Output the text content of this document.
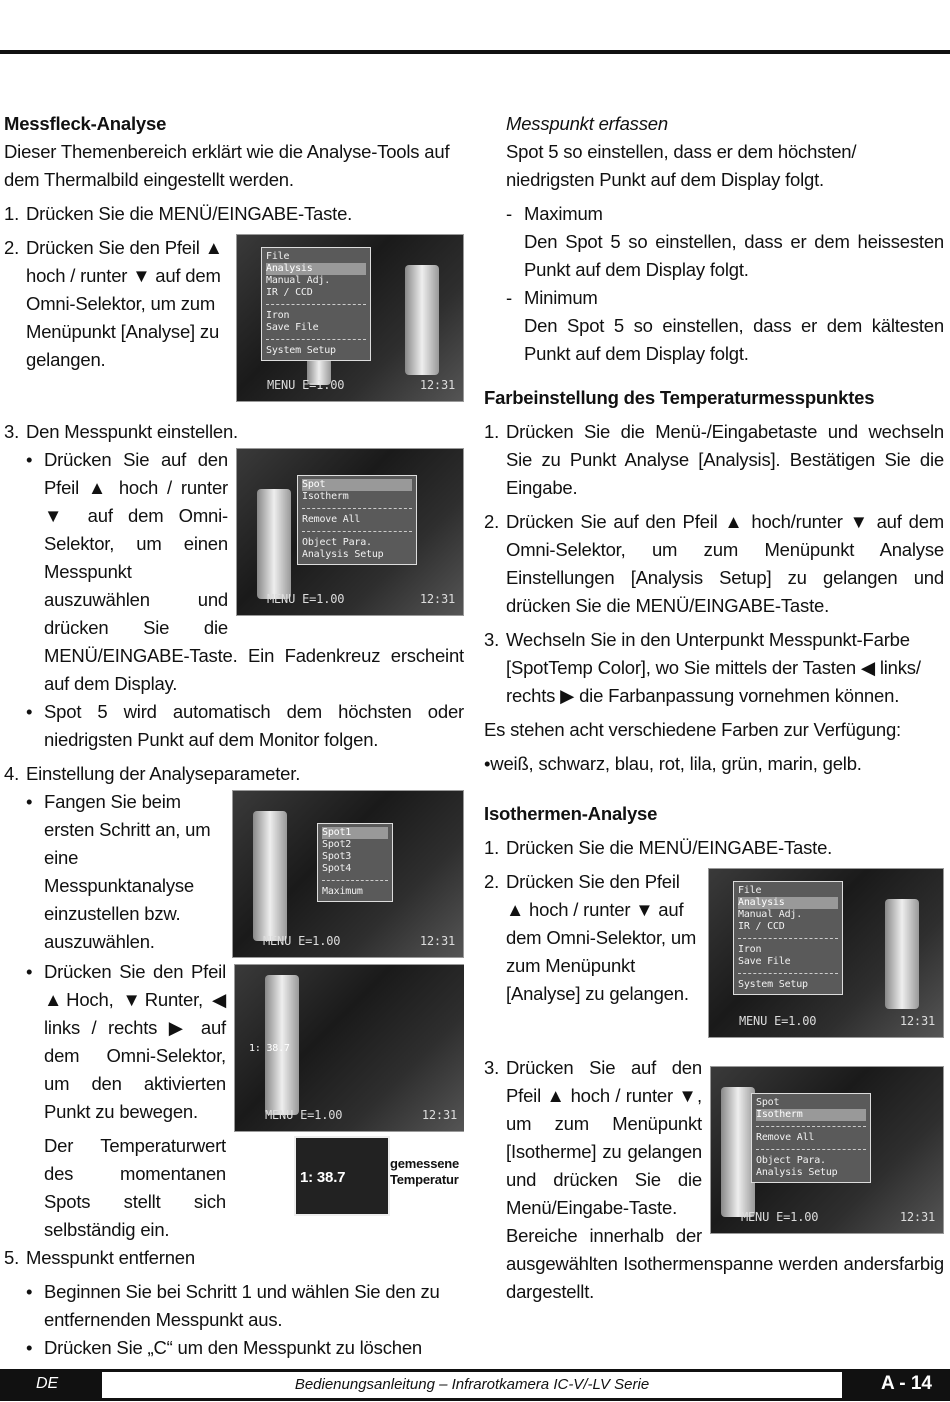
Messfleck-Analyse

Dieser Themenbereich erklärt wie die Analyse-Tools auf dem Thermalbild eingestellt werden.

1. Drücken Sie die MENÜ/EINGABE-Taste.
2.	File
Analysis
Manual Adj.
IR / CCD
Iron
Save File
System Setup
MENU E=1.00	12:31
Drücken Sie den Pfeil ▲ hoch / runter ▼ auf dem Omni-Selektor, um zum Menüpunkt [Analyse] zu gelangen.
3. Den Messpunkt einstellen.
•
Spot
Isotherm
Remove All
Object Para.
Analysis Setup
MENU E=1.00	12:31
Drücken Sie auf den Pfeil ▲ hoch / runter ▼ auf dem Omni-Selektor, um einen Messpunkt auszuwählen und drücken Sie die MENÜ/EINGABE-Taste. Ein Fadenkreuz erscheint auf dem Display.
• Spot 5 wird automatisch dem höchsten oder niedrigsten Punkt auf dem Monitor folgen.
4. Einstellung der Analyseparameter.
•
Spot1
Spot2
Spot3
Spot4
Maximum
MENU E=1.00	12:31
Fangen Sie beim ersten Schritt an, um eine Messpunktanalyse einzustellen bzw. auszuwählen.
•
1: 38.7
MENU E=1.00	12:31
1: 38.7
gemessene Temperatur
Drücken Sie den Pfeil ▲Hoch, ▼Runter, ◀ links / rechts ▶ auf dem Omni-Selektor, um den aktivierten Punkt zu bewegen.
Der Temperaturwert des momentanen Spots stellt sich selbständig ein.
5. Messpunkt entfernen
• Beginnen Sie bei Schritt 1 und wählen Sie den zu entfernenden Messpunkt aus.
• Drücken Sie „C“ um den Messpunkt zu löschen

Messpunkt erfassen

Spot 5 so einstellen, dass er dem höchsten/ niedrigsten Punkt auf dem Display folgt.

- Maximum

Den Spot 5 so einstellen, dass er dem heissesten Punkt auf dem Display folgt.

- Minimum

Den Spot 5 so einstellen, dass er dem kältesten Punkt auf dem Display folgt.

Farbeinstellung des Temperaturmesspunktes

1. Drücken Sie die Menü-/Eingabetaste und wechseln Sie zu Punkt Analyse [Analysis]. Bestätigen Sie die Eingabe.
2. Drücken Sie auf den Pfeil ▲ hoch/runter ▼ auf dem Omni-Selektor, um zum Menüpunkt Analyse Einstellungen [Analysis Setup] zu gelangen und drücken Sie die MENÜ/EINGABE-Taste.
3. Wechseln Sie in den Unterpunkt Messpunkt-Farbe [SpotTemp Color], wo Sie mittels der Tasten ◀ links/ rechts ▶ die Farbanpassung vornehmen können.

Es stehen acht verschiedene Farben zur Verfügung:

•weiß, schwarz, blau, rot, lila, grün, marin, gelb.

Isothermen-Analyse

1. Drücken Sie die MENÜ/EINGABE-Taste.
2.	File
Analysis
Manual Adj.
IR / CCD
Iron
Save File
System Setup
MENU E=1.00	12:31
Drücken Sie den Pfeil ▲ hoch / runter ▼ auf dem Omni-Selektor, um zum Menüpunkt [Analyse] zu gelangen.
3.
Spot
Isotherm
Remove All
Object Para.
Analysis Setup
MENU E=1.00	12:31
Drücken Sie auf den Pfeil ▲ hoch / runter ▼, um zum Menüpunkt [Isotherme] zu gelangen und drücken Sie die Menü/Eingabe-Taste. Bereiche innerhalb der ausgewählten Isothermenspanne werden andersfarbig dargestellt.
DE	Bedienungsanleitung – Infrarotkamera IC-V/-LV Serie	A - 14
